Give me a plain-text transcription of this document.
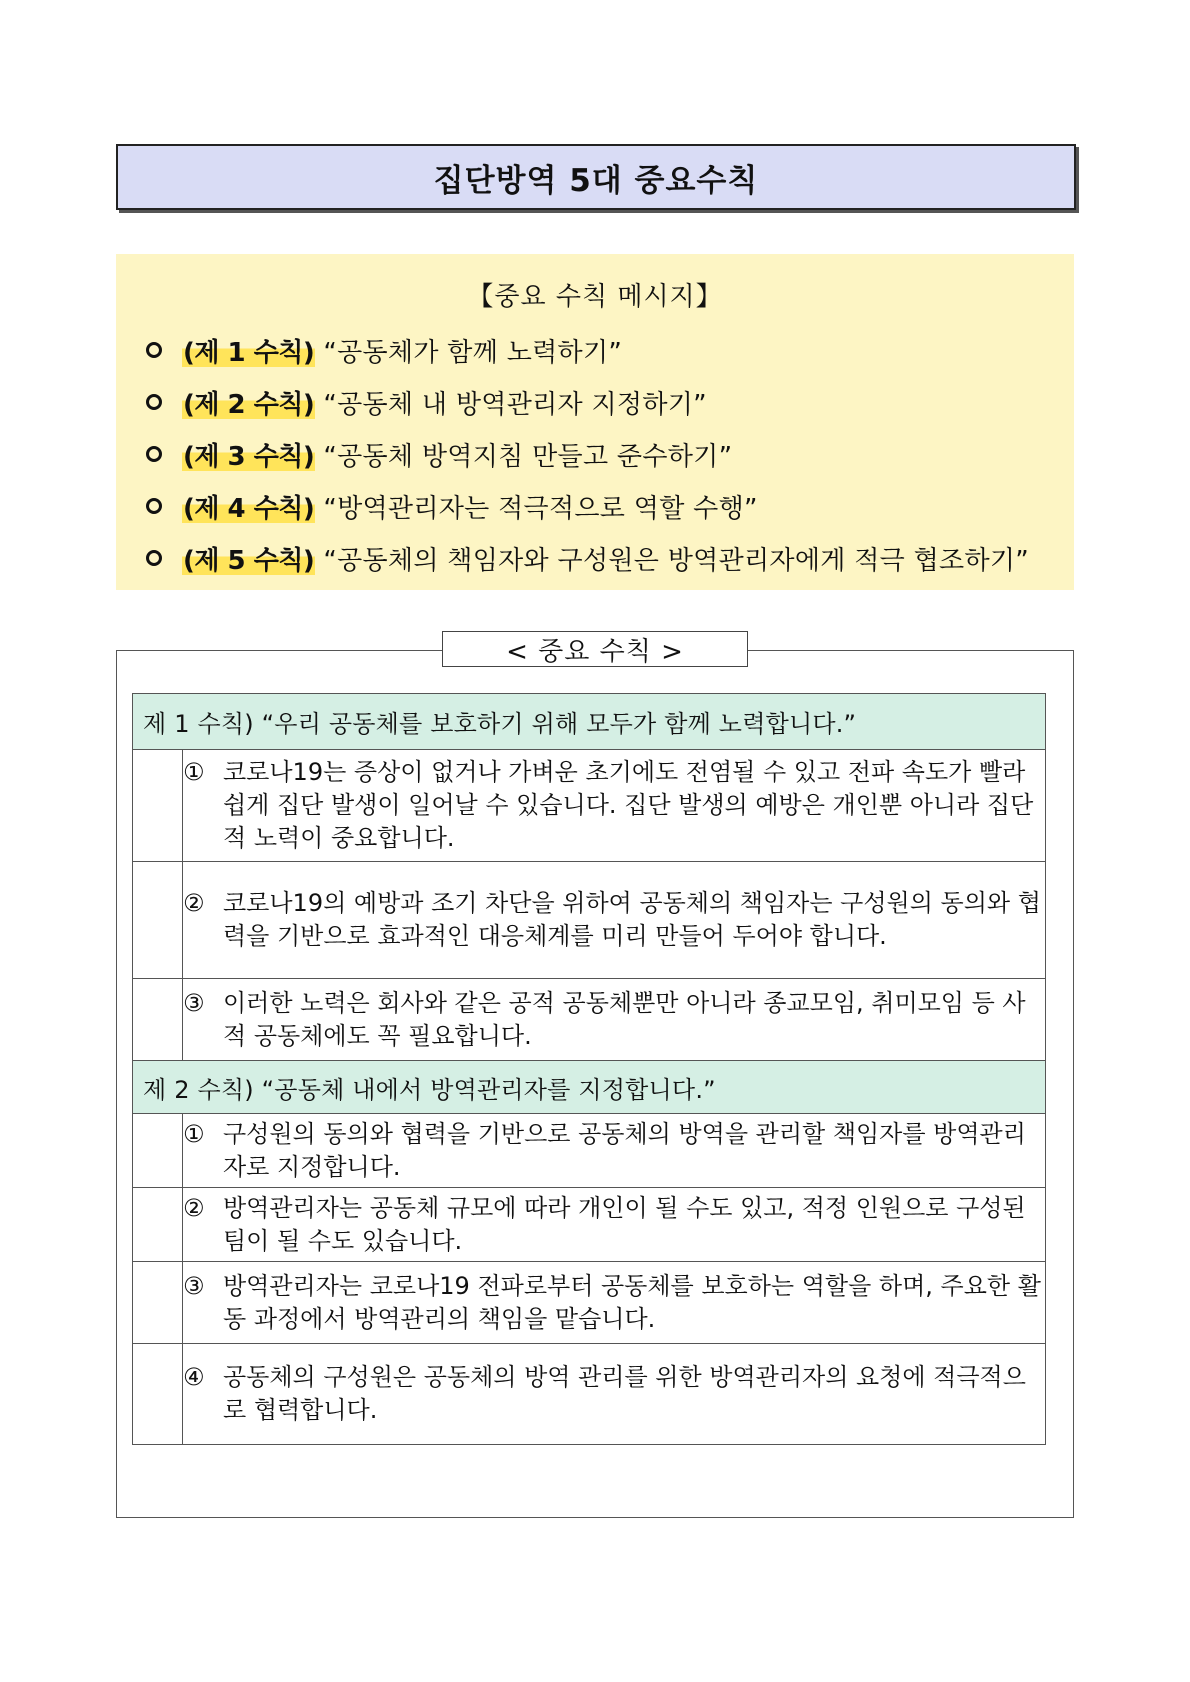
집단방역 5대 중요수칙
【중요 수칙 메시지】
(제 1 수칙) “공동체가 함께 노력하기”
(제 2 수칙) “공동체 내 방역관리자 지정하기”
(제 3 수칙) “공동체 방역지침 만들고 준수하기”
(제 4 수칙) “방역관리자는 적극적으로 역할 수행”
(제 5 수칙) “공동체의 책임자와 구성원은 방역관리자에게 적극 협조하기”
< 중요 수칙 >
제 1 수칙) “우리 공동체를 보호하기 위해 모두가 함께 노력합니다.”	

	① 코로나19는 증상이 없거나 가벼운 초기에도 전염될 수 있고 전파 속도가 빨라 쉽게 집단 발생이 일어날 수 있습니다. 집단 발생의 예방은 개인뿐 아니라 집단적 노력이 중요합니다.

	② 코로나19의 예방과 조기 차단을 위하여 공동체의 책임자는 구성원의 동의와 협력을 기반으로 효과적인 대응체계를 미리 만들어 두어야 합니다.

	③ 이러한 노력은 회사와 같은 공적 공동체뿐만 아니라 종교모임, 취미모임 등 사적 공동체에도 꼭 필요합니다.

제 2 수칙) “공동체 내에서 방역관리자를 지정합니다.”	

	① 구성원의 동의와 협력을 기반으로 공동체의 방역을 관리할 책임자를 방역관리자로 지정합니다.

	② 방역관리자는 공동체 규모에 따라 개인이 될 수도 있고, 적정 인원으로 구성된 팀이 될 수도 있습니다.

	③ 방역관리자는 코로나19 전파로부터 공동체를 보호하는 역할을 하며, 주요한 활동 과정에서 방역관리의 책임을 맡습니다.

	④ 공동체의 구성원은 공동체의 방역 관리를 위한 방역관리자의 요청에 적극적으로 협력합니다.
